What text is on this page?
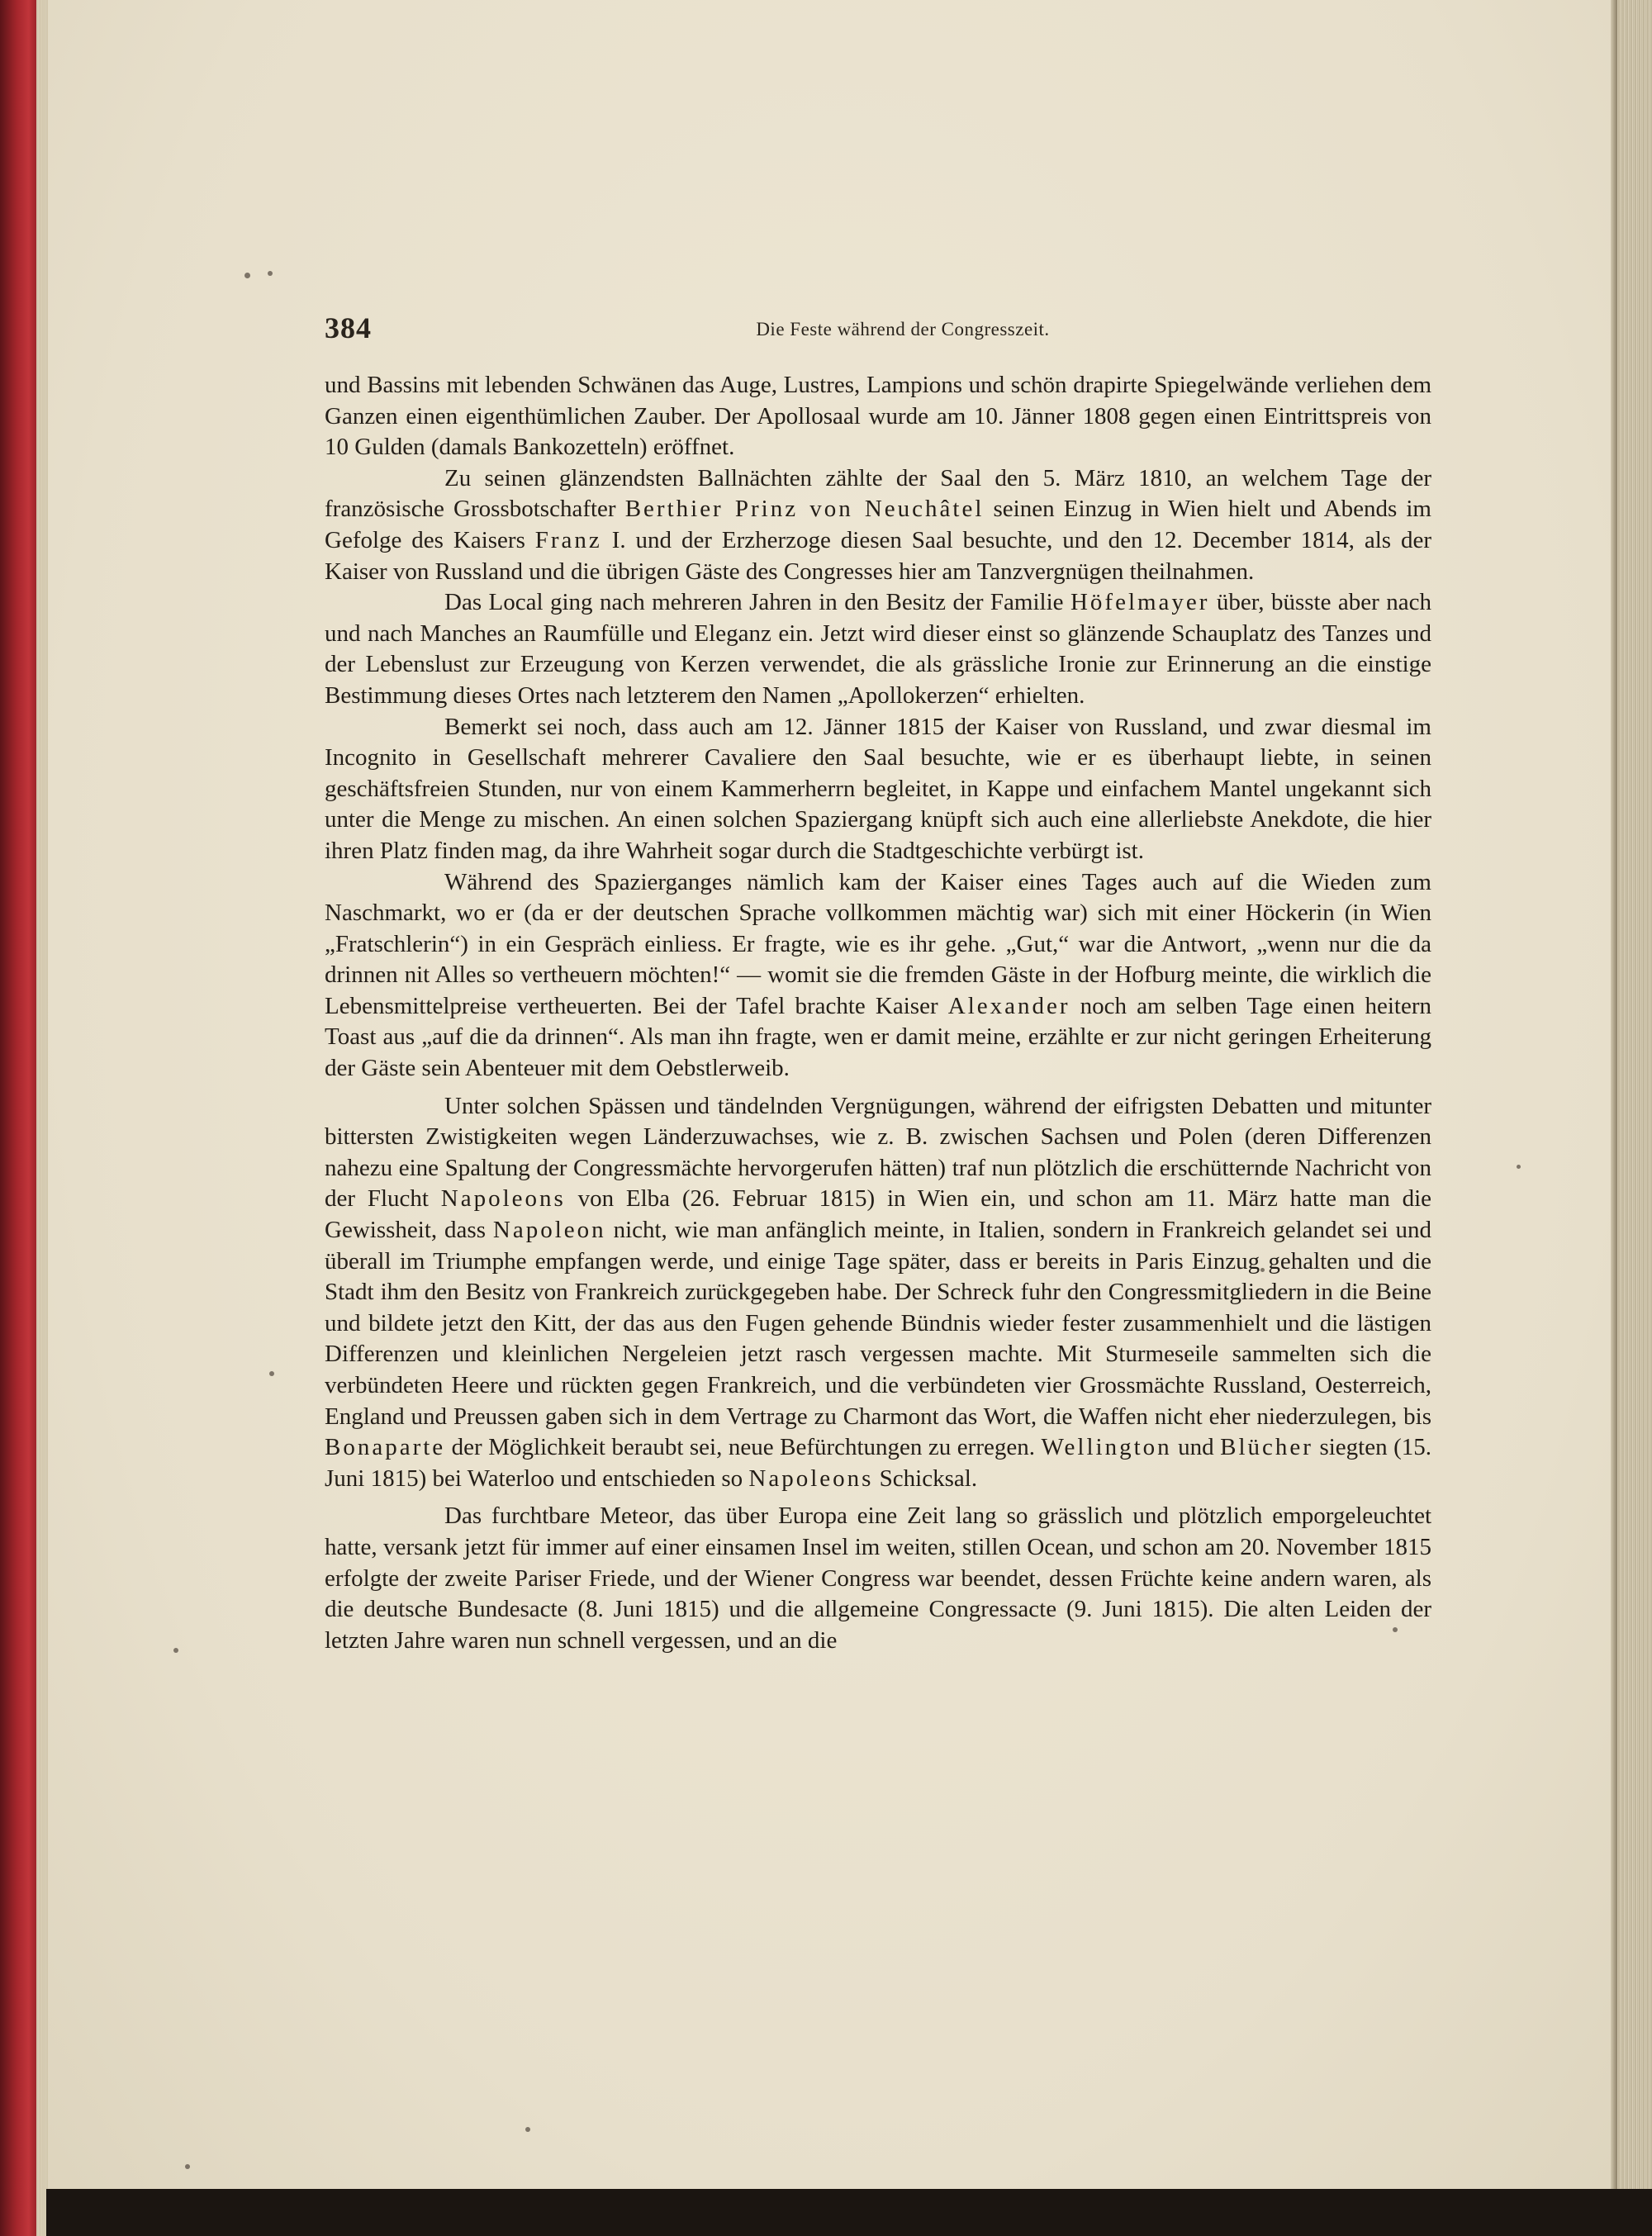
384	Die Feste während der Congresszeit.

und Bassins mit lebenden Schwänen das Auge, Lustres, Lampions und schön drapirte Spiegelwände verliehen dem Ganzen einen eigenthümlichen Zauber. Der Apollosaal wurde am 10. Jänner 1808 gegen einen Eintrittspreis von 10 Gulden (damals Bankozetteln) eröffnet.

Zu seinen glänzendsten Ballnächten zählte der Saal den 5. März 1810, an welchem Tage der französische Grossbotschafter Berthier Prinz von Neuchâtel seinen Einzug in Wien hielt und Abends im Gefolge des Kaisers Franz I. und der Erzherzoge diesen Saal besuchte, und den 12. December 1814, als der Kaiser von Russland und die übrigen Gäste des Congresses hier am Tanzvergnügen theilnahmen.

Das Local ging nach mehreren Jahren in den Besitz der Familie Höfelmayer über, büsste aber nach und nach Manches an Raumfülle und Eleganz ein. Jetzt wird dieser einst so glänzende Schauplatz des Tanzes und der Lebenslust zur Erzeugung von Kerzen verwendet, die als grässliche Ironie zur Erinnerung an die einstige Bestimmung dieses Ortes nach letzterem den Namen „Apollokerzen“ erhielten.

Bemerkt sei noch, dass auch am 12. Jänner 1815 der Kaiser von Russland, und zwar diesmal im Incognito in Gesellschaft mehrerer Cavaliere den Saal besuchte, wie er es überhaupt liebte, in seinen geschäftsfreien Stunden, nur von einem Kammerherrn begleitet, in Kappe und einfachem Mantel ungekannt sich unter die Menge zu mischen. An einen solchen Spaziergang knüpft sich auch eine allerliebste Anekdote, die hier ihren Platz finden mag, da ihre Wahrheit sogar durch die Stadtgeschichte verbürgt ist.

Während des Spazierganges nämlich kam der Kaiser eines Tages auch auf die Wieden zum Naschmarkt, wo er (da er der deutschen Sprache vollkommen mächtig war) sich mit einer Höckerin (in Wien „Fratschlerin“) in ein Gespräch einliess. Er fragte, wie es ihr gehe. „Gut,“ war die Antwort, „wenn nur die da drinnen nit Alles so vertheuern möchten!“ — womit sie die fremden Gäste in der Hofburg meinte, die wirklich die Lebensmittelpreise vertheuerten. Bei der Tafel brachte Kaiser Alexander noch am selben Tage einen heitern Toast aus „auf die da drinnen“. Als man ihn fragte, wen er damit meine, erzählte er zur nicht geringen Erheiterung der Gäste sein Abenteuer mit dem Oebstlerweib.

Unter solchen Spässen und tändelnden Vergnügungen, während der eifrigsten Debatten und mitunter bittersten Zwistigkeiten wegen Länderzuwachses, wie z. B. zwischen Sachsen und Polen (deren Differenzen nahezu eine Spaltung der Congressmächte hervorgerufen hätten) traf nun plötzlich die erschütternde Nachricht von der Flucht Napoleons von Elba (26. Februar 1815) in Wien ein, und schon am 11. März hatte man die Gewissheit, dass Napoleon nicht, wie man anfänglich meinte, in Italien, sondern in Frankreich gelandet sei und überall im Triumphe empfangen werde, und einige Tage später, dass er bereits in Paris Einzug gehalten und die Stadt ihm den Besitz von Frankreich zurückgegeben habe. Der Schreck fuhr den Congressmitgliedern in die Beine und bildete jetzt den Kitt, der das aus den Fugen gehende Bündnis wieder fester zusammenhielt und die lästigen Differenzen und kleinlichen Nergeleien jetzt rasch vergessen machte. Mit Sturmeseile sammelten sich die verbündeten Heere und rückten gegen Frankreich, und die verbündeten vier Grossmächte Russland, Oesterreich, England und Preussen gaben sich in dem Vertrage zu Charmont das Wort, die Waffen nicht eher niederzulegen, bis Bonaparte der Möglichkeit beraubt sei, neue Befürchtungen zu erregen. Wellington und Blücher siegten (15. Juni 1815) bei Waterloo und entschieden so Napoleons Schicksal.

Das furchtbare Meteor, das über Europa eine Zeit lang so grässlich und plötzlich emporgeleuchtet hatte, versank jetzt für immer auf einer einsamen Insel im weiten, stillen Ocean, und schon am 20. November 1815 erfolgte der zweite Pariser Friede, und der Wiener Congress war beendet, dessen Früchte keine andern waren, als die deutsche Bundesacte (8. Juni 1815) und die allgemeine Congressacte (9. Juni 1815). Die alten Leiden der letzten Jahre waren nun schnell vergessen, und an die
